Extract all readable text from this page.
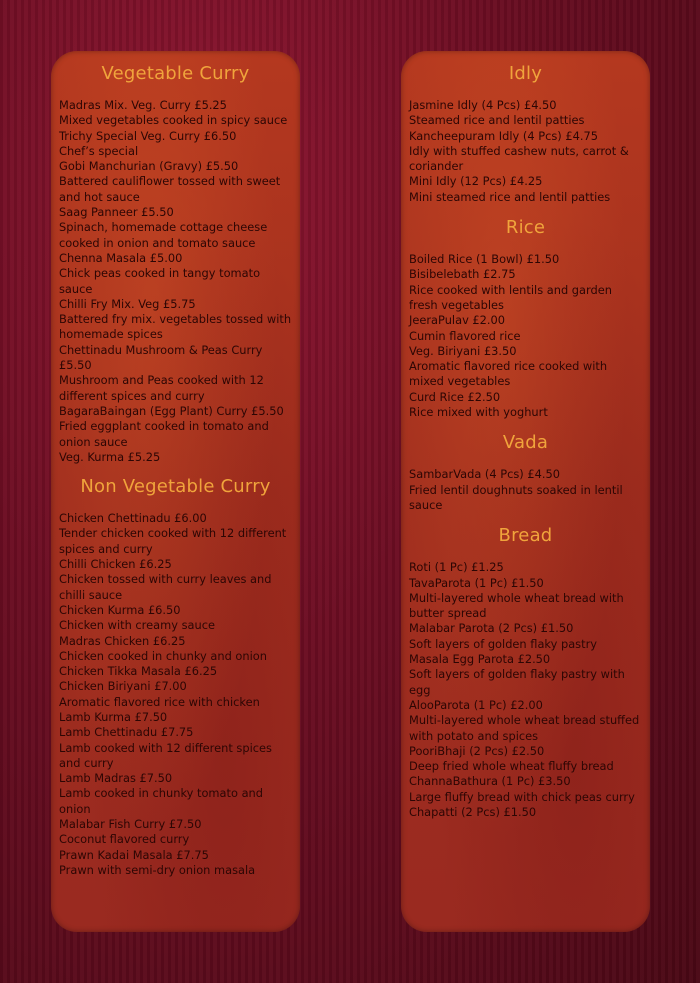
Vegetable Curry
Madras Mix. Veg. Curry £5.25
Mixed vegetables cooked in spicy sauce
Trichy Special Veg. Curry £6.50
Chef’s special
Gobi Manchurian (Gravy) £5.50
Battered cauliflower tossed with sweet and hot sauce
Saag Panneer £5.50
Spinach, homemade cottage cheese cooked in onion and tomato sauce
Chenna Masala £5.00
Chick peas cooked in tangy tomato sauce
Chilli Fry Mix. Veg £5.75
Battered fry mix. vegetables tossed with homemade spices
Chettinadu Mushroom & Peas Curry £5.50
Mushroom and Peas cooked with 12 different spices and curry
BagaraBaingan (Egg Plant) Curry £5.50
Fried eggplant cooked in tomato and onion sauce
Veg. Kurma £5.25
Non Vegetable Curry
Chicken Chettinadu £6.00
Tender chicken cooked with 12 different spices and curry
Chilli Chicken £6.25
Chicken tossed with curry leaves and chilli sauce
Chicken Kurma £6.50
Chicken with creamy sauce
Madras Chicken £6.25
Chicken cooked in chunky and onion
Chicken Tikka Masala £6.25
Chicken Biriyani £7.00
Aromatic flavored rice with chicken
Lamb Kurma £7.50
Lamb Chettinadu £7.75
Lamb cooked with 12 different spices and curry
Lamb Madras £7.50
Lamb cooked in chunky tomato and onion
Malabar Fish Curry £7.50
Coconut flavored curry
Prawn Kadai Masala £7.75
Prawn with semi-dry onion masala
Idly
Jasmine Idly (4 Pcs) £4.50
Steamed rice and lentil patties
Kancheepuram Idly (4 Pcs) £4.75
Idly with stuffed cashew nuts, carrot & coriander
Mini Idly (12 Pcs) £4.25
Mini steamed rice and lentil patties
Rice
Boiled Rice (1 Bowl) £1.50
Bisibelebath £2.75
Rice cooked with lentils and garden fresh vegetables
JeeraPulav £2.00
Cumin flavored rice
Veg. Biriyani £3.50
Aromatic flavored rice cooked with mixed vegetables
Curd Rice £2.50
Rice mixed with yoghurt
Vada
SambarVada (4 Pcs) £4.50
Fried lentil doughnuts soaked in lentil sauce
Bread
Roti (1 Pc) £1.25
TavaParota (1 Pc) £1.50
Multi-layered whole wheat bread with butter spread
Malabar Parota (2 Pcs) £1.50
Soft layers of golden flaky pastry
Masala Egg Parota £2.50
Soft layers of golden flaky pastry with egg
AlooParota (1 Pc) £2.00
Multi-layered whole wheat bread stuffed with potato and spices
PooriBhaji (2 Pcs) £2.50
Deep fried whole wheat fluffy bread
ChannaBathura (1 Pc) £3.50
Large fluffy bread with chick peas curry
Chapatti (2 Pcs) £1.50
